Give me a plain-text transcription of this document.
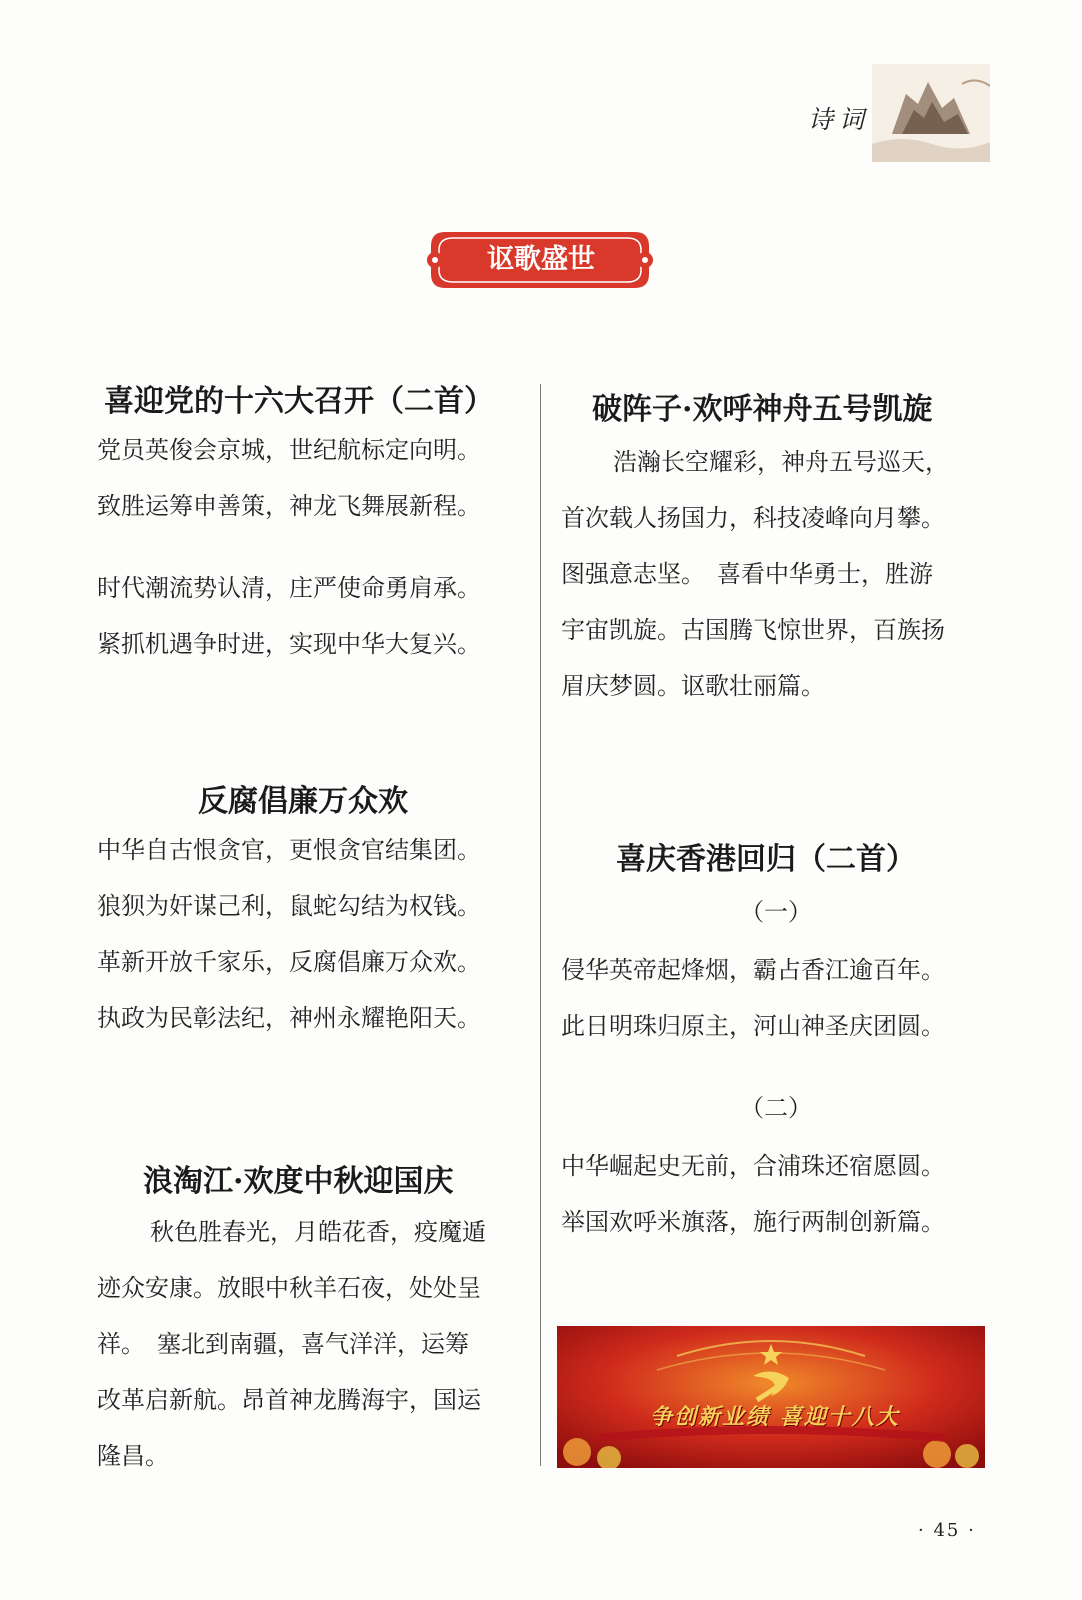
诗词
讴歌盛世
喜迎党的十六大召开（二首）
党员英俊会京城，世纪航标定向明。
致胜运筹申善策，神龙飞舞展新程。
时代潮流势认清，庄严使命勇肩承。
紧抓机遇争时进，实现中华大复兴。
反腐倡廉万众欢
中华自古恨贪官，更恨贪官结集团。
狼狈为奸谋己利，鼠蛇勾结为权钱。
革新开放千家乐，反腐倡廉万众欢。
执政为民彰法纪，神州永耀艳阳天。
浪淘江·欢度中秋迎国庆
秋色胜春光，月皓花香，疫魔遁
迹众安康。放眼中秋羊石夜，处处呈
祥。　塞北到南疆，喜气洋洋，运筹
改革启新航。昂首神龙腾海宇，国运
隆昌。
破阵子·欢呼神舟五号凯旋
浩瀚长空耀彩，神舟五号巡天，
首次载人扬国力，科技凌峰向月攀。
图强意志坚。　喜看中华勇士，胜游
宇宙凯旋。古国腾飞惊世界，百族扬
眉庆梦圆。讴歌壮丽篇。
喜庆香港回归（二首）
（一）
侵华英帝起烽烟，霸占香江逾百年。
此日明珠归原主，河山神圣庆团圆。
（二）
中华崛起史无前，合浦珠还宿愿圆。
举国欢呼米旗落，施行两制创新篇。
争创新业绩 喜迎十八大
· 45 ·
